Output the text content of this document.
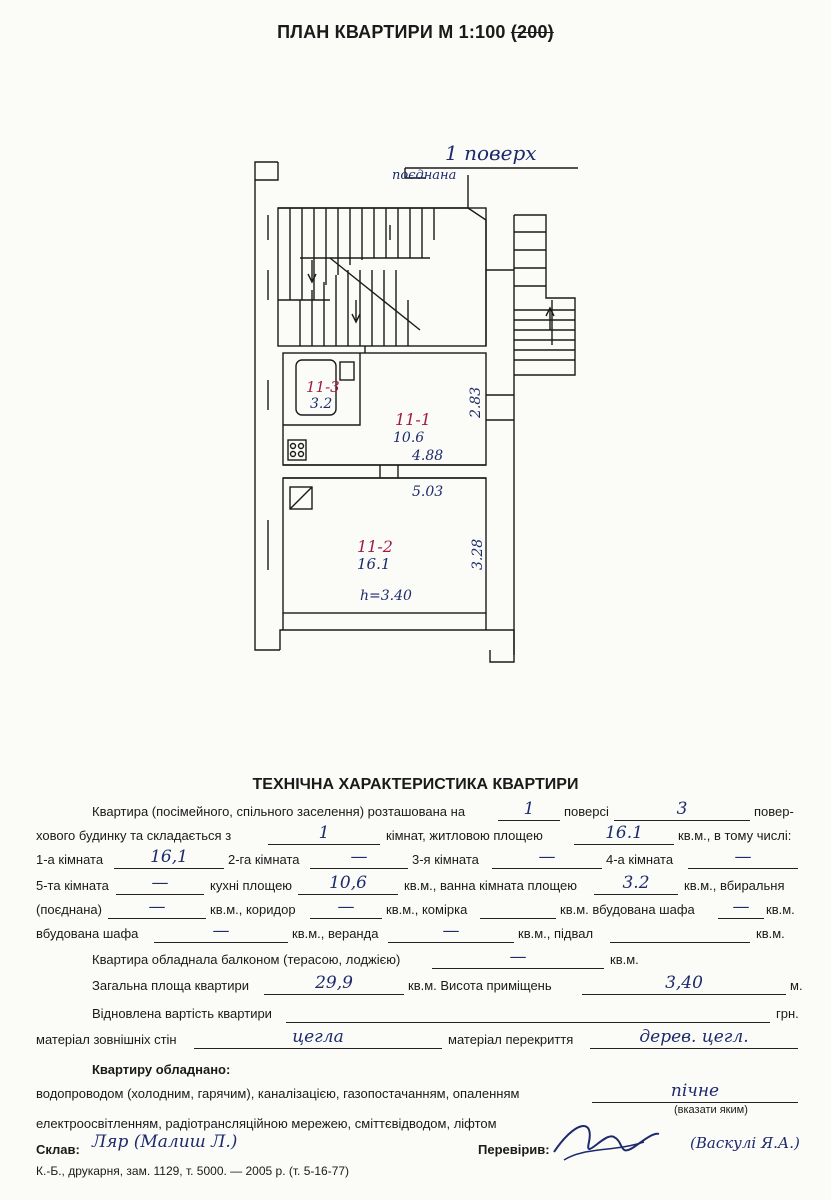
ПЛАН КВАРТИРИ М 1:100 (200)
1 поверх
поєднана
11-3
3.2
11-1
10.6
4.88
2.83
5.03
11-2
16.1	3.28
h=3.40
ТЕХНІЧНА ХАРАКТЕРИСТИКА КВАРТИРИ
Квартира (посімейного, спільного заселення) розташована на	1	поверсі	3	повер-
хового будинку та складається з	1	кімнат, житловою площею	16.1	кв.м., в тому числі:
1-а кімната	16,1	2-га кімната	—	3-я кімната	—	4-а кімната	—
5-та кімната	—	кухні площею	10,6	кв.м., ванна кімната площею	3.2	кв.м., вбиральня
(поєднана)	—	кв.м., коридор	—	кв.м., комірка	кв.м. вбудована шафа	—	кв.м.
вбудована шафа	—	кв.м., веранда	—	кв.м., підвал	кв.м.
Квартира обладнала балконом (терасою, лоджією)	—	кв.м.
Загальна площа квартири	29,9	кв.м. Висота приміщень	3,40	м.
Відновлена вартість квартири	грн.
матеріал зовнішніх стін	цегла	матеріал перекриття	дерев. цегл.
Квартиру обладнано:
водопроводом (холодним, гарячим), каналізацією, газопостачанням, опаленням	пічне
(вказати яким)
електроосвітленням, радіотрансляційною мережею, сміттєвідводом, ліфтом
Склав:	Перевірив:
Ляр (Малиш Л.)	(Васкулі Я.А.)
К.-Б., друкарня, зам. 1129, т. 5000. — 2005 р. (т. 5-16-77)
